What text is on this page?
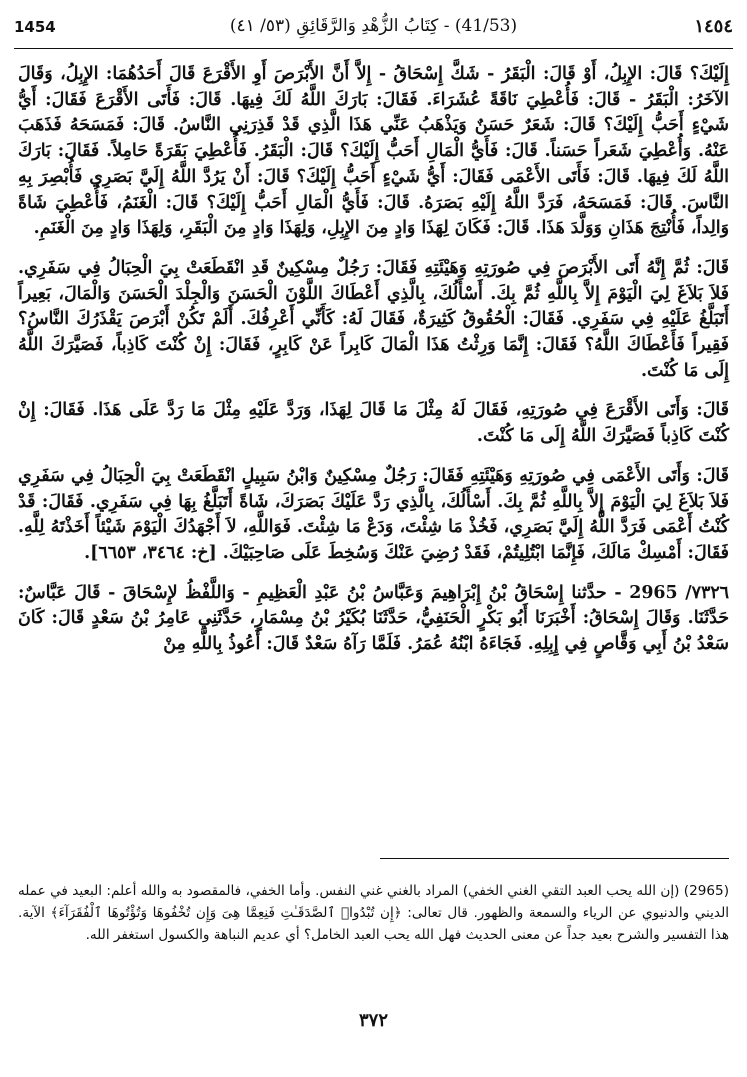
1454	(41/53) - كِتَابُ الزُّهْدِ وَالرَّقَائِقِ (٥٣/ ٤١)	١٤٥٤

إِلَيْكَ؟ قَالَ: الإِبِلُ، أَوْ قَالَ: الْبَقَرُ - شَكَّ إِسْحَاقُ - إِلاَّ أَنَّ الأَبْرَصَ أَوِ الأَقْرَعَ قَالَ أَحَدُهُمَا: الإِبِلُ، وَقَالَ الآخَرُ: الْبَقَرُ - قَالَ: فَأُعْطِيَ نَاقَةً عُشَرَاءَ. فَقَالَ: بَارَكَ اللَّهُ لَكَ فِيهَا. قَالَ: فَأَتَى الأَقْرَعَ فَقَالَ: أَيُّ شَيْءٍ أَحَبُّ إِلَيْكَ؟ قَالَ: شَعَرٌ حَسَنٌ وَيَذْهَبُ عَنِّي هَذَا الَّذِي قَدْ قَذِرَنِي النَّاسُ. قَالَ: فَمَسَحَهُ فَذَهَبَ عَنْهُ. وَأُعْطِيَ شَعَراً حَسَناً. قَالَ: فَأَيُّ الْمَالِ أَحَبُّ إِلَيْكَ؟ قَالَ: الْبَقَرُ. فَأُعْطِيَ بَقَرَةً حَامِلاً. فَقَالَ: بَارَكَ اللَّهُ لَكَ فِيهَا. قَالَ: فَأَتَى الأَعْمَى فَقَالَ: أَيُّ شَيْءٍ أَحَبُّ إِلَيْكَ؟ قَالَ: أَنْ يَرُدَّ اللَّهُ إِلَيَّ بَصَرِي فَأُبْصِرَ بِهِ النَّاسَ. قَالَ: فَمَسَحَهُ، فَرَدَّ اللَّهُ إِلَيْهِ بَصَرَهُ. قَالَ: فَأَيُّ الْمَالِ أَحَبُّ إِلَيْكَ؟ قَالَ: الْغَنَمُ، فَأُعْطِيَ شَاةً وَالِداً، فَأُنْتِجَ هَذَانِ وَوَلَّدَ هَذَا. قَالَ: فَكَانَ لِهَذَا وَادٍ مِنَ الإِبِلِ، وَلِهَذَا وَادٍ مِنَ الْبَقَرِ، وَلِهَذَا وَادٍ مِنَ الْغَنَمِ.

قَالَ: ثُمَّ إِنَّهُ أَتَى الأَبْرَصَ فِي صُورَتِهِ وَهَيْئَتِهِ فَقَالَ: رَجُلٌ مِسْكِينٌ قَدِ انْقَطَعَتْ بِيَ الْحِبَالُ فِي سَفَرِي. فَلاَ بَلاَغَ لِيَ الْيَوْمَ إِلاَّ بِاللَّهِ ثُمَّ بِكَ. أَسْأَلُكَ، بِالَّذِي أَعْطَاكَ اللَّوْنَ الْحَسَنَ وَالْجِلْدَ الْحَسَنَ وَالْمَالَ، بَعِيراً أَتَبَلَّغُ عَلَيْهِ فِي سَفَرِي. فَقَالَ: الْحُقُوقُ كَثِيرَةٌ، فَقَالَ لَهُ: كَأَنِّي أَعْرِفُكَ. أَلَمْ تَكُنْ أَبْرَصَ يَقْذَرُكَ النَّاسُ؟ فَقِيراً فَأَعْطَاكَ اللَّهُ؟ فَقَالَ: إِنَّمَا وَرِثْتُ هَذَا الْمَالَ كَابِراً عَنْ كَابِرٍ، فَقَالَ: إِنْ كُنْتَ كَاذِباً، فَصَيَّرَكَ اللَّهُ إِلَى مَا كُنْتَ.

قَالَ: وَأَتَى الأَقْرَعَ فِي صُورَتِهِ، فَقَالَ لَهُ مِثْلَ مَا قَالَ لِهَذَا، وَرَدَّ عَلَيْهِ مِثْلَ مَا رَدَّ عَلَى هَذَا. فَقَالَ: إِنْ كُنْتَ كَاذِباً فَصَيَّرَكَ اللَّهُ إِلَى مَا كُنْتَ.

قَالَ: وَأَتَى الأَعْمَى فِي صُورَتِهِ وَهَيْئَتِهِ فَقَالَ: رَجُلٌ مِسْكِينٌ وَابْنُ سَبِيلٍ انْقَطَعَتْ بِيَ الْحِبَالُ فِي سَفَرِي فَلاَ بَلاَغَ لِيَ الْيَوْمَ إِلاَّ بِاللَّهِ ثُمَّ بِكَ. أَسْأَلُكَ، بِالَّذِي رَدَّ عَلَيْكَ بَصَرَكَ، شَاةً أَتَبَلَّغُ بِهَا فِي سَفَرِي. فَقَالَ: قَدْ كُنْتُ أَعْمَى فَرَدَّ اللَّهُ إِلَيَّ بَصَرِي، فَخُذْ مَا شِئْتَ، وَدَعْ مَا شِئْتَ. فَوَاللَّهِ، لاَ أَجْهَدُكَ الْيَوْمَ شَيْئاً أَخَذْتَهُ لِلَّهِ. فَقَالَ: أَمْسِكْ مَالَكَ، فَإِنَّمَا ابْتُلِيتُمْ، فَقَدْ رُضِيَ عَنْكَ وَسُخِطَ عَلَى صَاحِبَيْكَ. [خ: ٣٤٦٤، ٦٦٥٣].

٧٣٢٦/ 2965 - حدَّثنا إِسْحَاقُ بْنُ إِبْرَاهِيمَ وَعَبَّاسُ بْنُ عَبْدِ الْعَظِيمِ - وَاللَّفْظُ لإِسْحَاقَ - قَالَ عَبَّاسٌ: حَدَّثَنَا. وَقَالَ إِسْحَاقُ: أَخْبَرَنَا أَبُو بَكْرٍ الْحَنَفِيُّ، حَدَّثَنَا بُكَيْرُ بْنُ مِسْمَارٍ، حَدَّثَنِي عَامِرُ بْنُ سَعْدٍ قَالَ: كَانَ سَعْدُ بْنُ أَبِي وَقَّاصٍ فِي إِبِلِهِ. فَجَاءَهُ ابْنُهُ عُمَرُ. فَلَمَّا رَآهُ سَعْدٌ قَالَ: أَعُوذُ بِاللَّهِ مِنْ

(2965) (إن الله يحب العبد التقي الغني الخفي) المراد بالغني غني النفس. وأما الخفي، فالمقصود به والله أعلم: البعيد في عمله الديني والدنيوي عن الرياء والسمعة والظهور. قال تعالى: ﴿إِن تُبْدُوا۟ ٱلصَّدَقَـٰتِ فَنِعِمَّا هِىَ وَإِن تُخْفُوهَا وَتُؤْتُوهَا ٱلْفُقَرَآءَ﴾ الآية. هذا التفسير والشرح بعيد جداً عن معنى الحديث فهل الله يحب العبد الخامل؟ أي عديم النباهة والكسول استغفر الله.
٣٧٢
